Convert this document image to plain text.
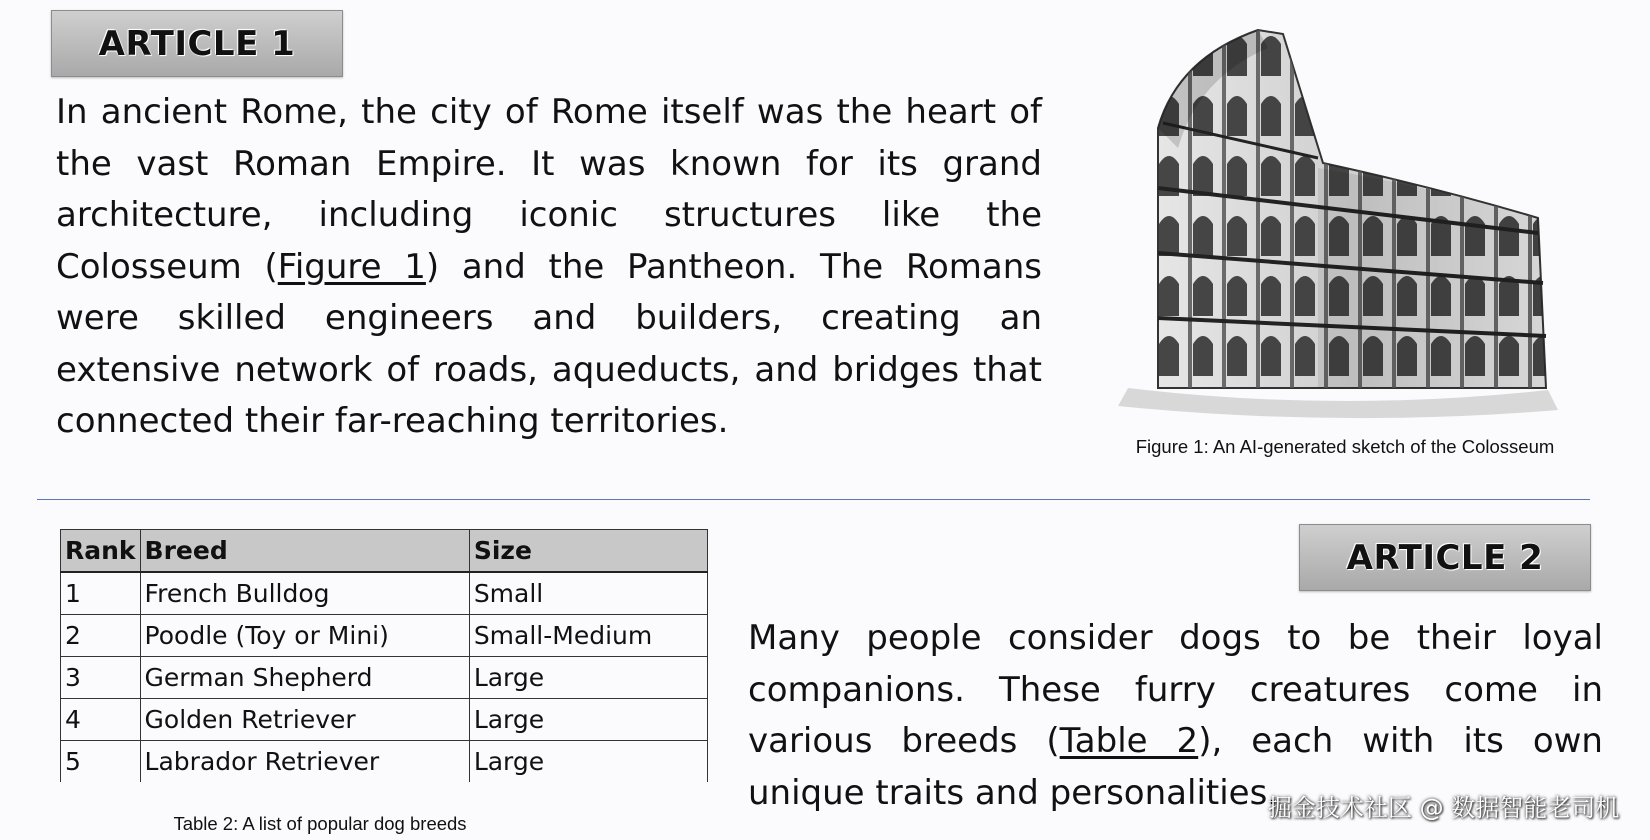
ARTICLE 1
In ancient Rome, the city of Rome itself was the heart of the vast Roman Empire. It was known for its grand architecture, including iconic structures like the Colosseum (Figure 1) and the Pantheon. The Romans were skilled engineers and builders, creating an extensive network of roads, aqueducts, and bridges that connected their far-reaching territories.
Figure 1: An AI-generated sketch of the Colosseum
Rank	Breed	Size
1	French Bulldog	Small
2	Poodle (Toy or Mini)	Small-Medium
3	German Shepherd	Large
4	Golden Retriever	Large
5	Labrador Retriever	Large
Table 2: A list of popular dog breeds
ARTICLE 2
Many people consider dogs to be their loyal companions. These furry creatures come in various breeds (Table 2), each with its own unique traits and personalities.
掘金技术社区 @ 数据智能老司机
